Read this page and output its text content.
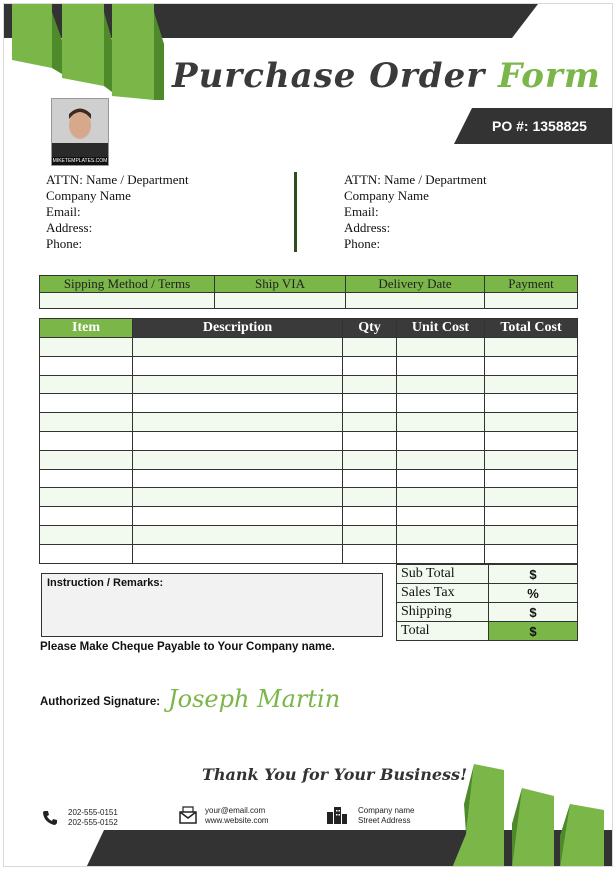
Purchase Order Form
PO #: 1358825
MIKETEMPLATES.COM
ATTN: Name / Department
Company Name
Email:
Address:
Phone:
ATTN: Name / Department
Company Name
Email:
Address:
Phone:
Sipping Method / Terms	Ship VIA	Delivery Date	Payment

Item	Description	Qty	Unit Cost	Total Cost

Instruction / Remarks:
Sub Total	$
Sales Tax	%
Shipping	$
Total	$
Please Make Cheque Payable to Your Company name.
Authorized Signature: Joseph Martin
Thank You for Your Business!
202-555-0151
202-555-0152
your@email.com
www.website.com
Company name
Street Address
